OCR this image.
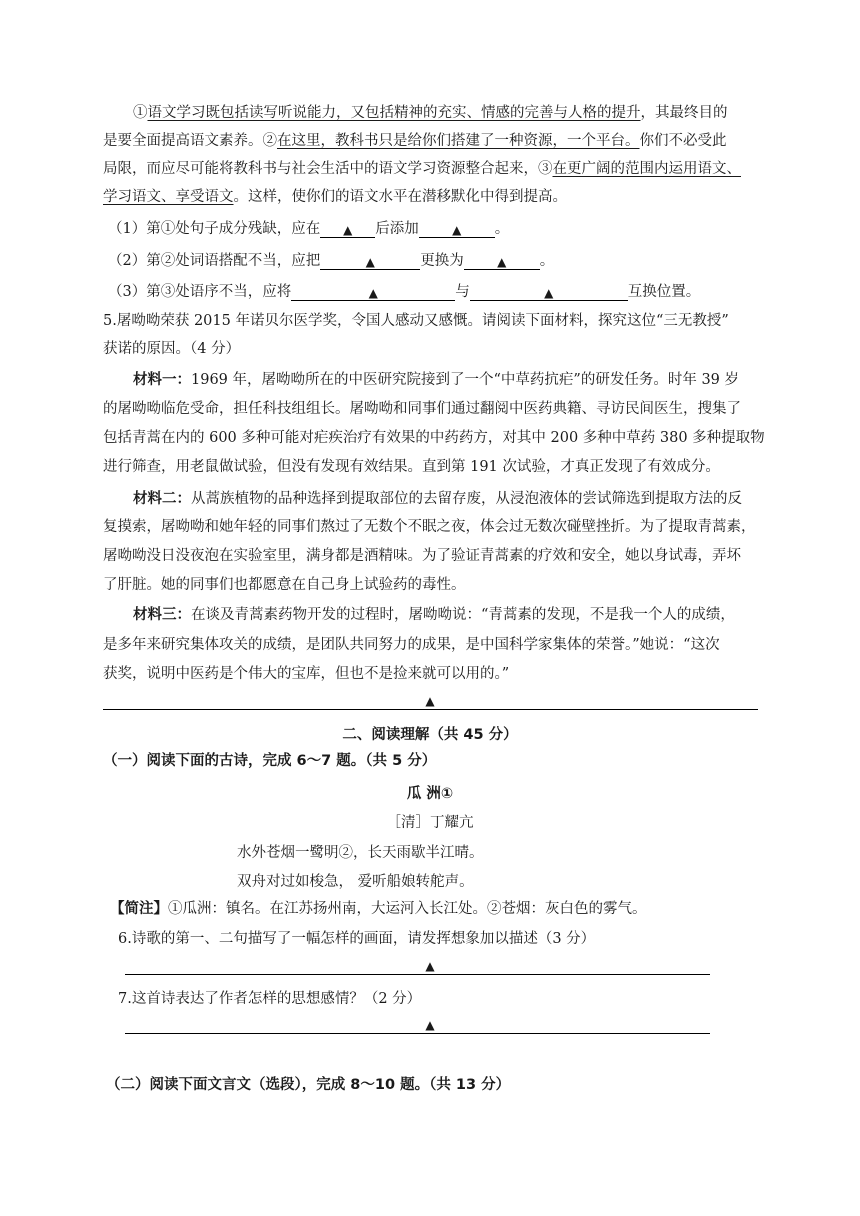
①语文学习既包括读写听说能力，又包括精神的充实、情感的完善与人格的提升，其最终目的
是要全面提高语文素养。②在这里，教科书只是给你们搭建了一种资源，一个平台。你们不必受此
局限，而应尽可能将教科书与社会生活中的语文学习资源整合起来，③在更广阔的范围内运用语文、
学习语文、享受语文。这样，使你们的语文水平在潜移默化中得到提高。
（1）第①处句子成分残缺，应在 ▲ 后添加	▲ 。
（2）第②处词语搭配不当，应把	▲	更换为	▲ 。
（3）第③处语序不当，应将	▲	与	▲	互换位置。
5.屠呦呦荣获 2015 年诺贝尔医学奖，令国人感动又感慨。请阅读下面材料，探究这位“三无教授”
获诺的原因。（4 分）
材料一：1969 年，屠呦呦所在的中医研究院接到了一个“中草药抗疟”的研发任务。时年 39 岁
的屠呦呦临危受命，担任科技组组长。屠呦呦和同事们通过翻阅中医药典籍、寻访民间医生，搜集了
包括青蒿在内的 600 多种可能对疟疾治疗有效果的中药药方，对其中 200 多种中草药 380 多种提取物
进行筛查，用老鼠做试验，但没有发现有效结果。直到第 191 次试验，才真正发现了有效成分。
材料二：从蒿族植物的品种选择到提取部位的去留存废，从浸泡液体的尝试筛选到提取方法的反
复摸索，屠呦呦和她年轻的同事们熬过了无数个不眠之夜，体会过无数次碰壁挫折。为了提取青蒿素，
屠呦呦没日没夜泡在实验室里，满身都是酒精味。为了验证青蒿素的疗效和安全，她以身试毒，弄坏
了肝脏。她的同事们也都愿意在自己身上试验药的毒性。
材料三：在谈及青蒿素药物开发的过程时，屠呦呦说：“青蒿素的发现，不是我一个人的成绩，
是多年来研究集体攻关的成绩，是团队共同努力的成果，是中国科学家集体的荣誉。”她说：“这次
获奖，说明中医药是个伟大的宝库，但也不是捡来就可以用的。”
▲
二、阅读理解（共 45 分）
（一）阅读下面的古诗，完成 6～7 题。（共 5 分）
瓜 洲①
［清］丁耀亢
水外苍烟一鹭明②，长天雨歇半江晴。
双舟对过如梭急， 爱听船娘转舵声。
【简注】①瓜洲：镇名。在江苏扬州南，大运河入长江处。②苍烟：灰白色的雾气。
6.诗歌的第一、二句描写了一幅怎样的画面，请发挥想象加以描述（3 分）
▲
7.这首诗表达了作者怎样的思想感情？（2 分）
▲
（二）阅读下面文言文（选段），完成 8～10 题。（共 13 分）
